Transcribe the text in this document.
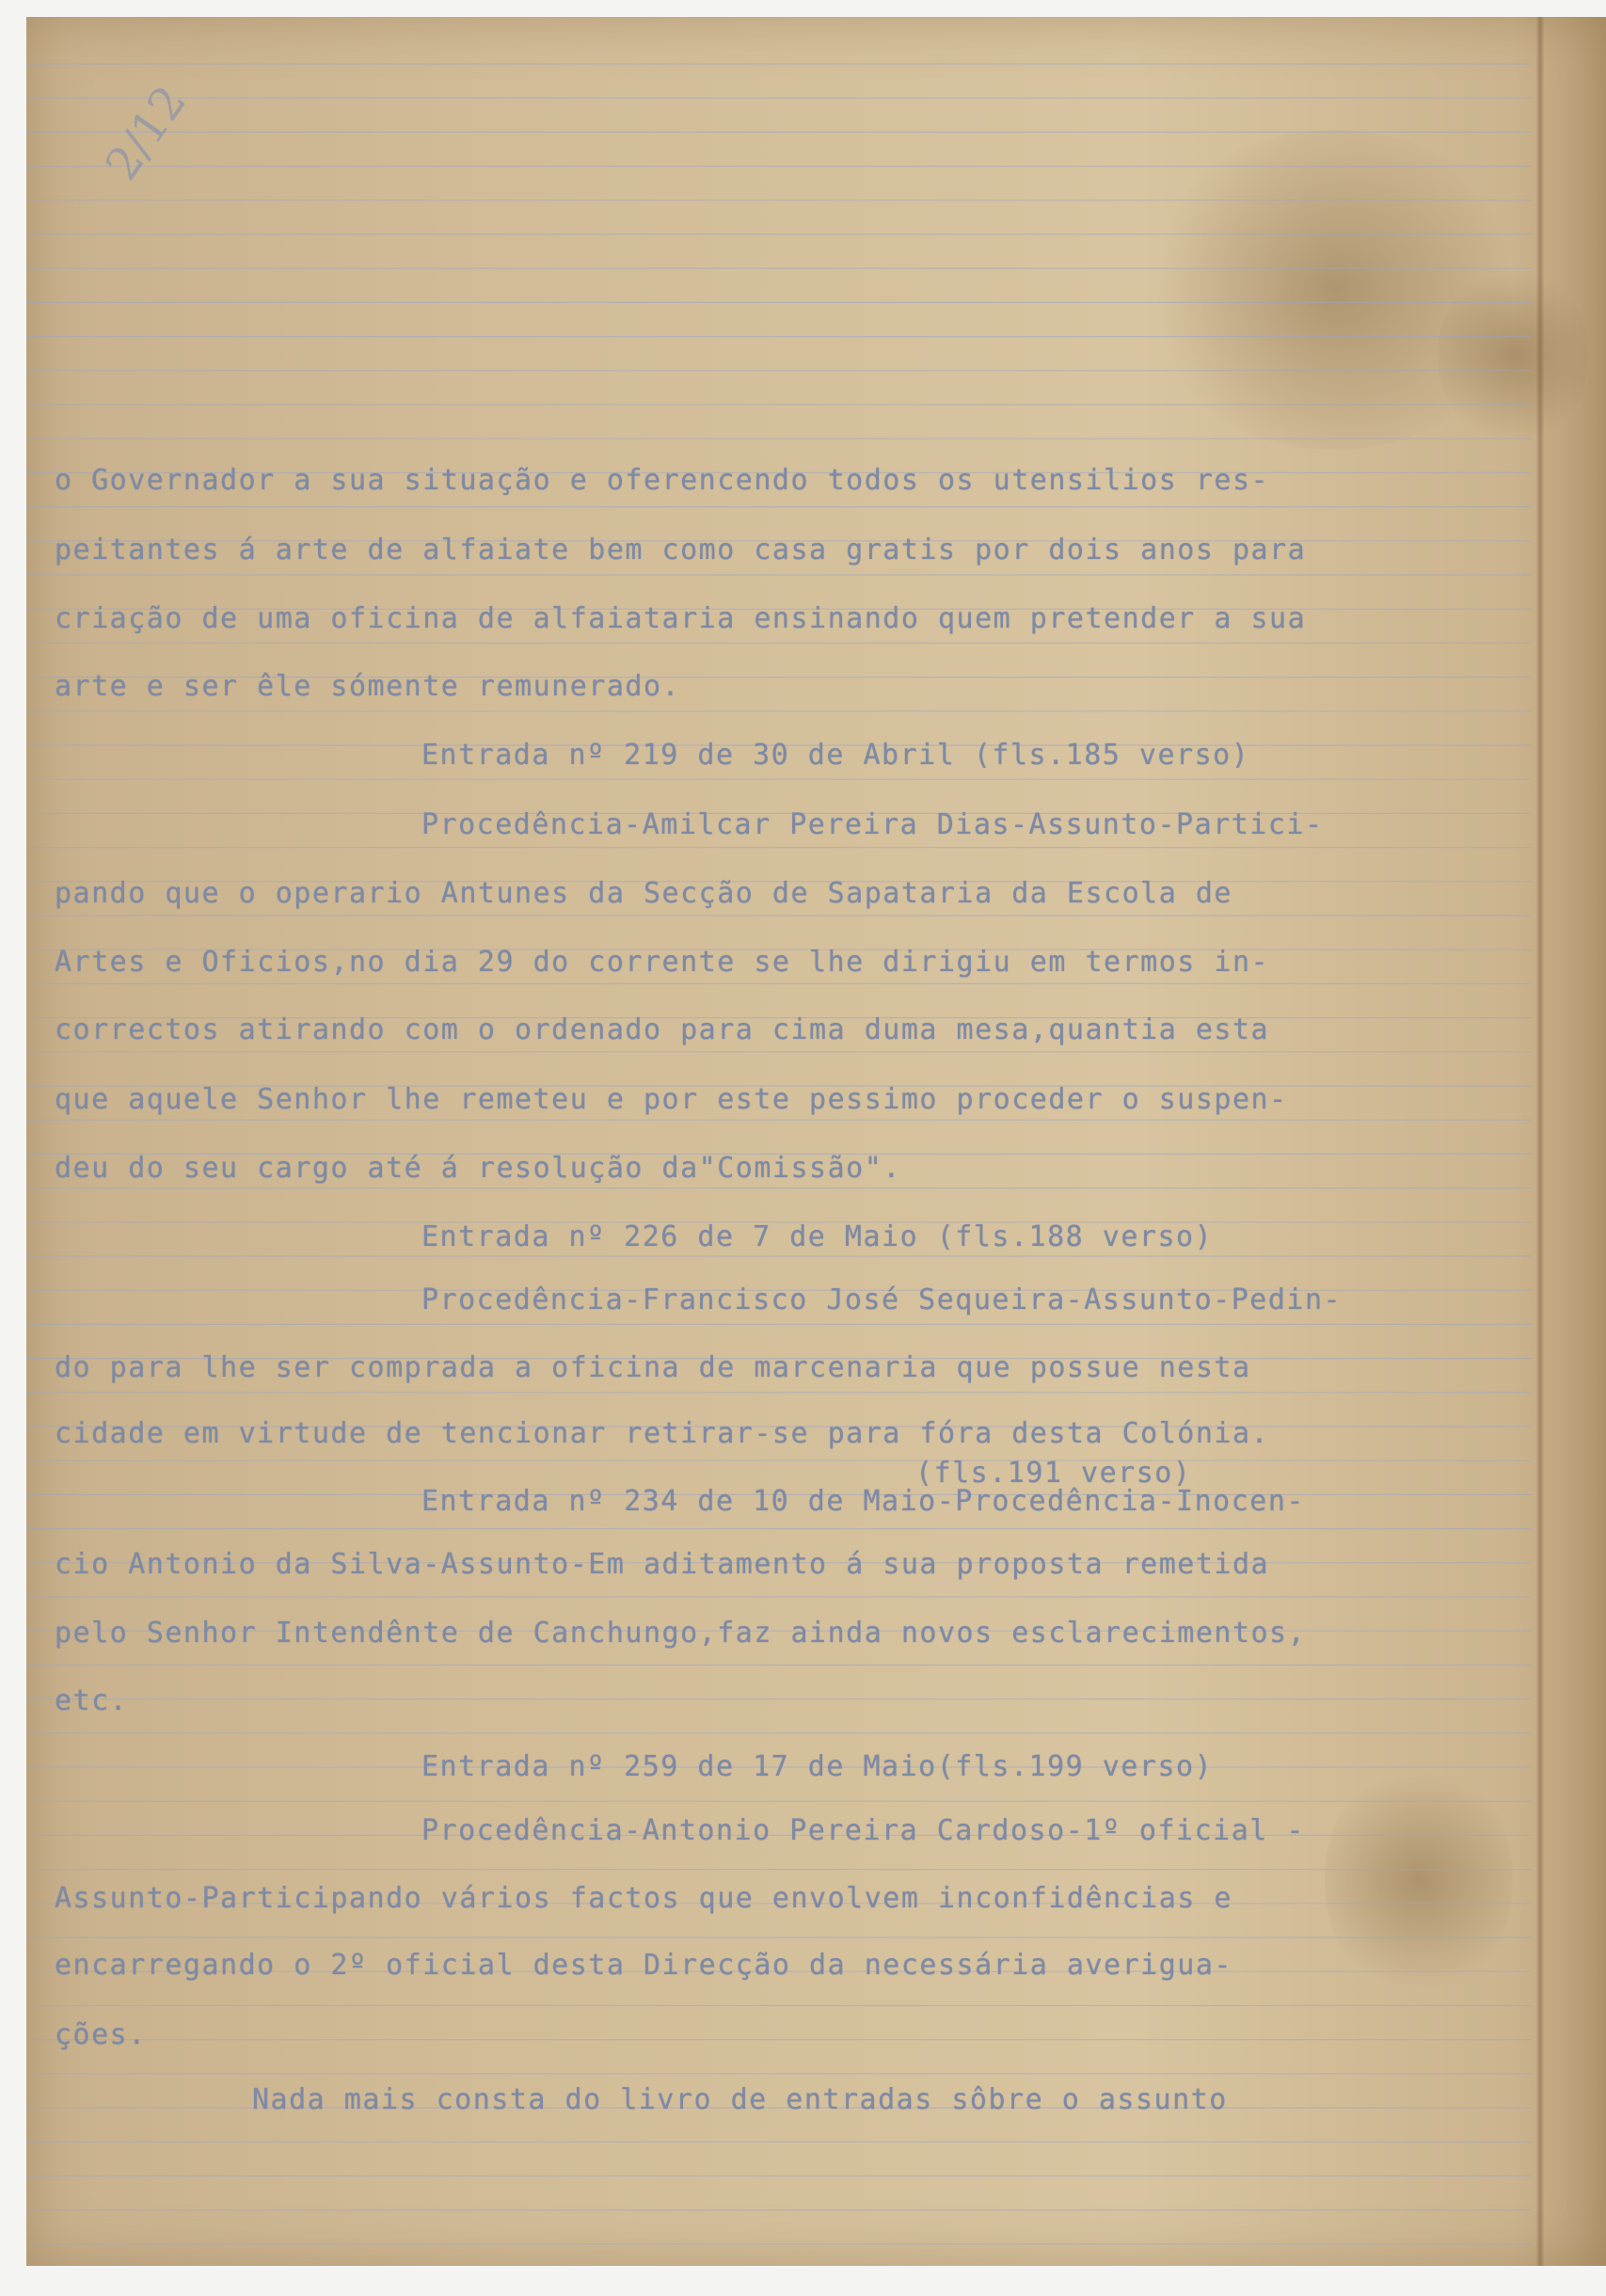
2/12
o Governador a sua situação e oferencendo todos os utensilios res-
peitantes á arte de alfaiate bem como casa gratis por dois anos para
criação de uma oficina de alfaiataria ensinando quem pretender a sua
arte e ser êle sómente remunerado.
Entrada nº 219 de 30 de Abril (fls.185 verso)
Procedência-Amilcar Pereira Dias-Assunto-Partici-
pando que o operario Antunes da Secção de Sapataria da Escola de
Artes e Oficios,no dia 29 do corrente se lhe dirigiu em termos in-
correctos atirando com o ordenado para cima duma mesa,quantia esta
que aquele Senhor lhe remeteu e por este pessimo proceder o suspen-
deu do seu cargo até á resolução da"Comissão".
Entrada nº 226 de 7 de Maio (fls.188 verso)
Procedência-Francisco José Sequeira-Assunto-Pedin-
do para lhe ser comprada a oficina de marcenaria que possue nesta
cidade em virtude de tencionar retirar-se para fóra desta Colónia.
(fls.191 verso)
Entrada nº 234 de 10 de Maio-Procedência-Inocen-
cio Antonio da Silva-Assunto-Em aditamento á sua proposta remetida
pelo Senhor Intendênte de Canchungo,faz ainda novos esclarecimentos,
etc.
Entrada nº 259 de 17 de Maio(fls.199 verso)
Procedência-Antonio Pereira Cardoso-1º oficial -
Assunto-Participando vários factos que envolvem inconfidências e
encarregando o 2º oficial desta Direcção da necessária averigua-
ções.
Nada mais consta do livro de entradas sôbre o assunto
